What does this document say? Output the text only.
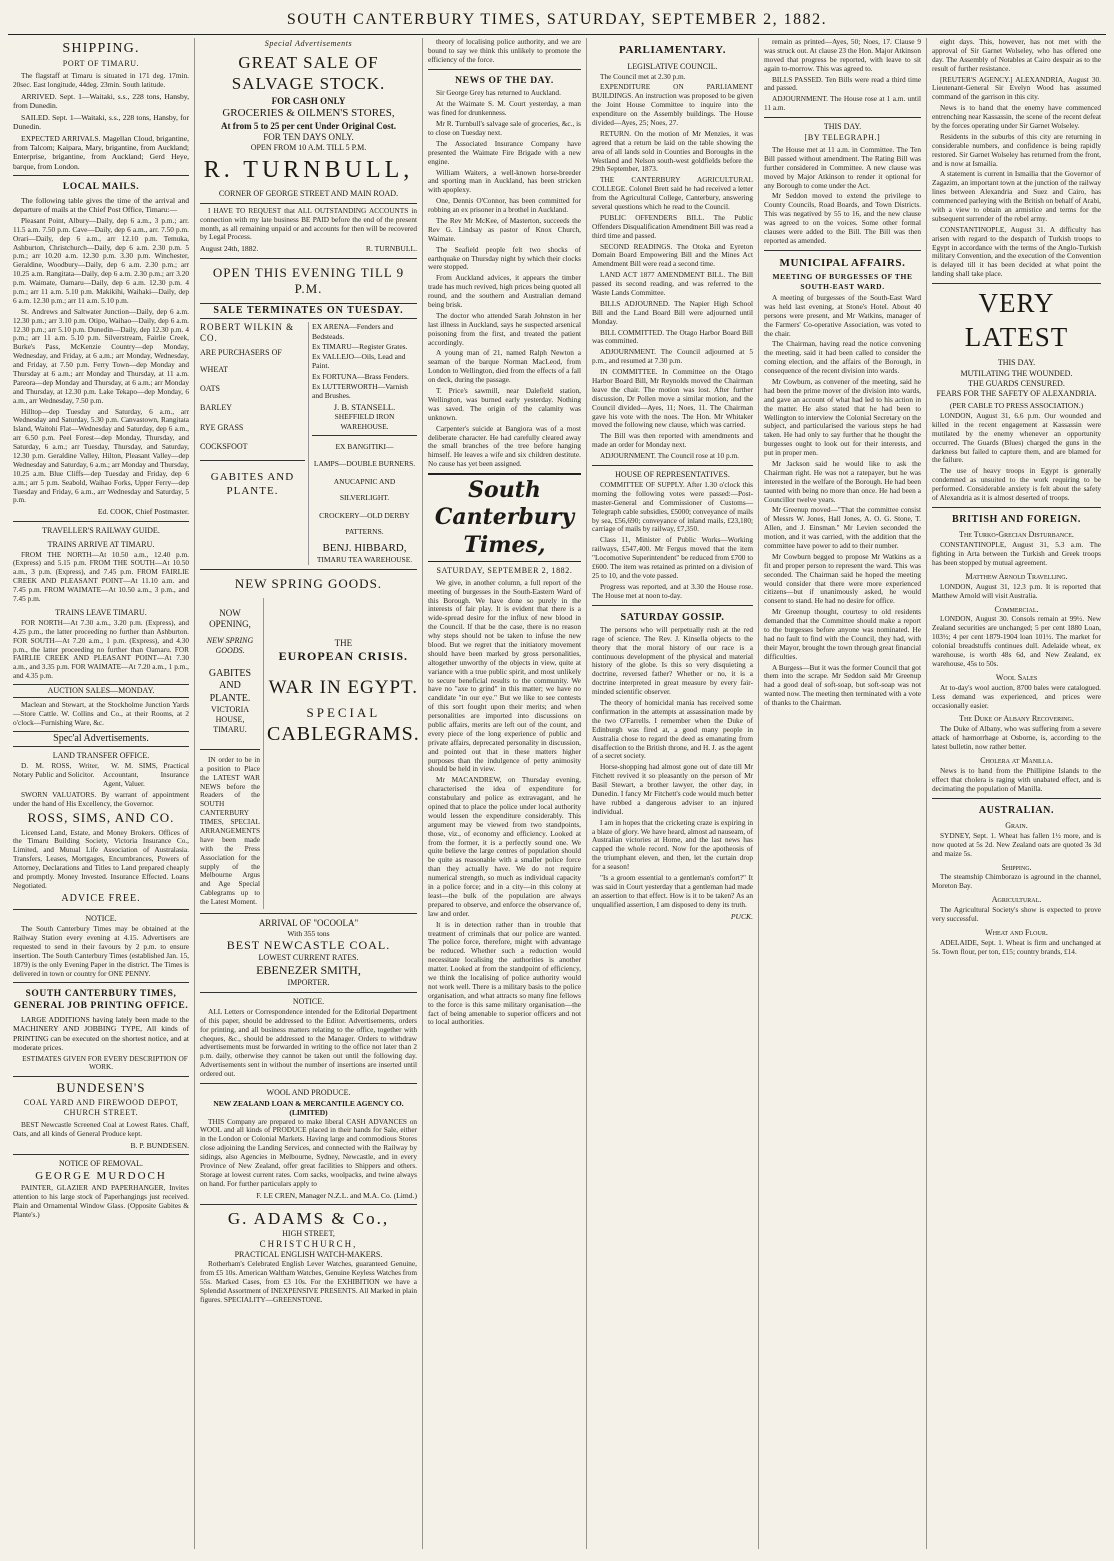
SOUTH CANTERBURY TIMES, SATURDAY, SEPTEMBER 2, 1882.
SHIPPING.
PORT OF TIMARU.

The flagstaff at Timaru is situated in 171 deg. 17min. 20sec. East longitude, 44deg. 23min. South latitude.

ARRIVED. Sept. 1—Waitaki, s.s., 228 tons, Hansby, from Dunedin.

SAILED. Sept. 1—Waitaki, s.s., 228 tons, Hansby, for Dunedin.

EXPECTED ARRIVALS. Magellan Cloud, brigantine, from Talcom; Kaipara, Mary, brigantine, from Auckland; Enterprise, brigantine, from Auckland; Gerd Heye, barque, from London.

LOCAL MAILS.

The following table gives the time of the arrival and departure of mails at the Chief Post Office, Timaru:—

Pleasant Point, Albury—Daily, dep 6 a.m., 3 p.m.; arr. 11.5 a.m. 7.50 p.m. Cave—Daily, dep 6 a.m., arr. 7.50 p.m. Orari—Daily, dep 6 a.m., arr 12.10 p.m. Temuka, Ashburton, Christchurch—Daily, dep 6 a.m. 2.30 p.m. 5 p.m.; arr 10.20 a.m. 12.30 p.m. 3.30 p.m. Winchester, Geraldine, Woodbury—Daily, dep 6 a.m. 2.30 p.m.; arr 10.25 a.m. Rangitata—Daily, dep 6 a.m. 2.30 p.m.; arr 3.20 p.m. Waimate, Oamaru—Daily, dep 6 a.m. 12.30 p.m. 4 p.m.; arr 11 a.m. 5.10 p.m. Makikihi, Waihaki—Daily, dep 6 a.m. 12.30 p.m.; arr 11 a.m. 5.10 p.m.

St. Andrews and Saltwater Junction—Daily, dep 6 a.m. 12.30 p.m.; arr 3.10 p.m. Otipo, Waihao—Daily, dep 6 a.m. 12.30 p.m.; arr 5.10 p.m. Dunedin—Daily, dep 12.30 p.m. 4 p.m.; arr 11 a.m. 5.10 p.m. Silverstream, Fairlie Creek, Burke's Pass, McKenzie Country—dep Monday, Wednesday, and Friday, at 6 a.m.; arr Monday, Wednesday, and Friday, at 7.50 p.m. Ferry Town—dep Monday and Thursday at 6 a.m.; arr Monday and Thursday, at 11 a.m. Pareora—dep Monday and Thursday, at 6 a.m.; arr Monday and Thursday, at 12.30 p.m. Lake Tekapo—dep Monday, 6 a.m., arr Wednesday, 7.50 p.m.

Hilltop—dep Tuesday and Saturday, 6 a.m., arr Wednesday and Saturday, 5.30 p.m. Canvastown, Rangitata Island, Waitohi Flat—Wednesday and Saturday, dep 6 a.m., arr 6.50 p.m. Peel Forest—dep Monday, Thursday, and Saturday, 6 a.m.; arr Tuesday, Thursday, and Saturday, 12.30 p.m. Geraldine Valley, Hilton, Pleasant Valley—dep Wednesday and Saturday, 6 a.m.; arr Monday and Thursday, 10.25 a.m. Blue Cliffs—dep Tuesday and Friday, dep 6 a.m.; arr 5 p.m. Seabold, Waihao Forks, Upper Ferry—dep Tuesday and Friday, 6 a.m., arr Wednesday and Saturday, 5 p.m.

Ed. COOK, Chief Postmaster.

TRAVELLER'S RAILWAY GUIDE.
TRAINS ARRIVE AT TIMARU.

FROM THE NORTH—At 10.50 a.m., 12.40 p.m. (Express) and 5.15 p.m. FROM THE SOUTH—At 10.50 a.m., 3 p.m. (Express), and 7.45 p.m. FROM FAIRLIE CREEK AND PLEASANT POINT—At 11.10 a.m. and 7.45 p.m. FROM WAIMATE—At 10.50 a.m., 3 p.m., and 7.45 p.m.

TRAINS LEAVE TIMARU.

FOR NORTH—At 7.30 a.m., 3.20 p.m. (Express), and 4.25 p.m., the latter proceeding no further than Ashburton. FOR SOUTH—At 7.20 a.m., 1 p.m. (Express), and 4.30 p.m., the latter proceeding no further than Oamaru. FOR FAIRLIE CREEK AND PLEASANT POINT—At 7.30 a.m., and 3.35 p.m. FOR WAIMATE—At 7.20 a.m., 1 p.m., and 4.35 p.m.

AUCTION SALES—MONDAY.

Maclean and Stewart, at the Stockholme Junction Yards—Store Cattle. W. Collins and Co., at their Rooms, at 2 o'clock—Furnishing Ware, &c.

Spec'al Advertisements.
LAND TRANSFER OFFICE.

D. M. ROSS, Writer, Notary Public and Solicitor.

W. M. SIMS, Practical Accountant, Insurance Agent, Valuer.

SWORN VALUATORS. By warrant of appointment under the hand of His Excellency, the Governor.

ROSS, SIMS, AND CO.

Licensed Land, Estate, and Money Brokers. Offices of the Timaru Building Society, Victoria Insurance Co., Limited, and Mutual Life Association of Australasia. Transfers, Leases, Mortgages, Encumbrances, Powers of Attorney, Declarations and Titles to Land prepared cheaply and promptly. Money Invested. Insurance Effected. Loans Negotiated.

ADVICE FREE.
NOTICE.

The South Canterbury Times may be obtained at the Railway Station every evening at 4.15. Advertisers are requested to send in their favours by 2 p.m. to ensure insertion. The South Canterbury Times (established Jan. 15, 1879) is the only Evening Paper in the district. The Times is delivered in town or country for ONE PENNY.

SOUTH CANTERBURY TIMES, GENERAL JOB PRINTING OFFICE.

LARGE ADDITIONS having lately been made to the MACHINERY AND JOBBING TYPE, All kinds of PRINTING can be executed on the shortest notice, and at moderate prices.

ESTIMATES GIVEN FOR EVERY DESCRIPTION OF WORK.

BUNDESEN'S
COAL YARD AND FIREWOOD DEPOT, CHURCH STREET.

BEST Newcastle Screened Coal at Lowest Rates. Chaff, Oats, and all kinds of General Produce kept.

B. P. BUNDESEN.

NOTICE OF REMOVAL.
GEORGE MURDOCH

PAINTER, GLAZIER AND PAPERHANGER, Invites attention to his large stock of Paperhangings just received. Plain and Ornamental Window Glass. (Opposite Gabites & Plante's.)

Special Advertisements
GREAT SALE OF SALVAGE STOCK.
FOR CASH ONLY
GROCERIES & OILMEN'S STORES,
At from 5 to 25 per cent Under Original Cost.
FOR TEN DAYS ONLY.
OPEN FROM 10 A.M. TILL 5 P.M.
R. TURNBULL,
CORNER OF GEORGE STREET AND MAIN ROAD.

I HAVE TO REQUEST that ALL OUTSTANDING ACCOUNTS in connection with my late business BE PAID before the end of the present month, as all remaining unpaid or and accounts for then will be recovered by Legal Process.

August 24th, 1882.	R. TURNBULL.
OPEN THIS EVENING TILL 9 P.M.
SALE TERMINATES ON TUESDAY.
ROBERT WILKIN & CO.
ARE PURCHASERS OF
WHEAT
OATS
BARLEY
RYE GRASS
COCKSFOOT
GABITES AND PLANTE.
EX ARENA—Fenders and Bedsteads.
Ex TIMARU—Register Grates.
Ex VALLEJO—Oils, Lead and Paint.
Ex FORTUNA—Brass Fenders.
Ex LUTTERWORTH—Varnish and Brushes.
J. B. STANSELL.
SHEFFIELD IRON WAREHOUSE.
EX BANGITIKI—
LAMPS—DOUBLE BURNERS.
ANUCAPNIC AND SILVERLIGHT.
CROCKERY—OLD DERBY PATTERNS.
BENJ. HIBBARD,
TIMARU TEA WAREHOUSE.
NEW SPRING GOODS.
NOW OPENING,
NEW SPRING GOODS.
GABITES AND PLANTE.
VICTORIA HOUSE,
TIMARU.

IN order to be in a position to Place the LATEST WAR NEWS before the Readers of the SOUTH CANTERBURY TIMES, SPECIAL ARRANGEMENTS have been made with the Press Association for the supply of the Melbourne Argus and Age Special Cablegrams up to the Latest Moment.

THE
EUROPEAN CRISIS.
WAR IN EGYPT.
SPECIAL
CABLEGRAMS.
ARRIVAL OF "OCOOLA"
With 355 tons
BEST NEWCASTLE COAL.
LOWEST CURRENT RATES.
EBENEZER SMITH,
IMPORTER.
NOTICE.

ALL Letters or Correspondence intended for the Editorial Department of this paper, should be addressed to the Editor. Advertisements, orders for printing, and all business matters relating to the office, together with cheques, &c., should be addressed to the Manager. Orders to withdraw advertisements must be forwarded in writing to the office not later than 2 p.m. daily, otherwise they cannot be taken out until the following day. Advertisements sent in without the number of insertions are inserted until ordered out.

WOOL AND PRODUCE.
NEW ZEALAND LOAN & MERCANTILE AGENCY CO. (LIMITED)

THIS Company are prepared to make liberal CASH ADVANCES on WOOL and all kinds of PRODUCE placed in their hands for Sale, either in the London or Colonial Markets. Having large and commodious Stores close adjoining the Landing Services, and connected with the Railway by sidings, also Agencies in Melbourne, Sydney, Newcastle, and in every Province of New Zealand, offer great facilities to Shippers and others. Storage at lowest current rates. Corn sacks, woolpacks, and twine always on hand. For further particulars apply to

F. LE CREN, Manager N.Z.L. and M.A. Co. (Limd.)

G. ADAMS & Co.,
HIGH STREET,
CHRISTCHURCH,
PRACTICAL ENGLISH WATCH-MAKERS.

Rotherham's Celebrated English Lever Watches, guaranteed Genuine, from £5 10s. American Waltham Watches, Genuine Keyless Watches from 55s. Marked Cases, from £3 10s. For the EXHIBITION we have a Splendid Assortment of INEXPENSIVE PRESENTS. All Marked in plain figures. SPECIALITY—GREENSTONE.

theory of localising police authority, and we are bound to say we think this unlikely to promote the efficiency of the force.

NEWS OF THE DAY.

Sir George Grey has returned to Auckland.

At the Waimate S. M. Court yesterday, a man was fined for drunkenness.

Mr R. Turnbull's salvage sale of groceries, &c., is to close on Tuesday next.

The Associated Insurance Company have presented the Waimate Fire Brigade with a new engine.

William Waiters, a well-known horse-breeder and sporting man in Auckland, has been stricken with apoplexy.

One, Dennis O'Connor, has been committed for robbing an ex prisoner in a brothel in Auckland.

The Rev Mr McKee, of Masterton, succeeds the Rev G. Lindsay as pastor of Knox Church, Waimate.

The Seafield people felt two shocks of earthquake on Thursday night by which their clocks were stopped.

From Auckland advices, it appears the timber trade has much revived, high prices being quoted all round, and the southern and Australian demand being brisk.

The doctor who attended Sarah Johnston in her last illness in Auckland, says he suspected arsenical poisoning from the first, and treated the patient accordingly.

A young man of 21, named Ralph Newton a seaman of the barque Norman MacLeod, from London to Wellington, died from the effects of a fall on deck, during the passage.

T. Price's sawmill, near Dalefield station, Wellington, was burned early yesterday. Nothing was saved. The origin of the calamity was unknown.

Carpenter's suicide at Bangiora was of a most deliberate character. He had carefully cleared away the small branches of the tree before hanging himself. He leaves a wife and six children destitute. No cause has yet been assigned.

South Canterbury Times,
SATURDAY, SEPTEMBER 2, 1882.

We give, in another column, a full report of the meeting of burgesses in the South-Eastern Ward of this Borough. We have done so purely in the interests of fair play. It is evident that there is a wide-spread desire for the influx of new blood in the Council. If that be the case, there is no reason why steps should not be taken to infuse the new blood. But we regret that the initiatory movement should have been marked by gross personalities, altogether unworthy of the objects in view, quite at variance with a true public spirit, and most unlikely to secure beneficial results to the community. We have no "axe to grind" in this matter; we have no candidate "in our eye." But we like to see contests of this sort fought upon their merits; and when personalities are imported into discussions on public affairs, merits are left out of the count, and every piece of the long experience of public and private affairs, deprecated personality in discussion, and pointed out that in these matters higher purposes than the indulgence of petty animosity should be held in view.

Mr MACANDREW, on Thursday evening, characterised the idea of expenditure for constabulary and police as extravagant, and he opined that to place the police under local authority would lessen the expenditure considerably. This argument may be viewed from two standpoints, those, viz., of economy and efficiency. Looked at from the former, it is a perfectly sound one. We quite believe the large centres of population should be quite as reasonable with a smaller police force than they actually have. We do not require numerical strength, so much as individual capacity in a police force; and in a city—in this colony at least—the bulk of the population are always prepared to observe, and enforce the observance of, law and order.

It is in detection rather than in trouble that treatment of criminals that our police are wanted. The police force, therefore, might with advantage be reduced. Whether such a reduction would necessitate localising the authorities is another matter. Looked at from the standpoint of efficiency, we think the localising of police authority would not work well. There is a military basis to the police organisation, and what attracts so many fine fellows to the force is this same military organisation—the fact of being amenable to superior officers and not to local authorities.

PARLIAMENTARY.
LEGISLATIVE COUNCIL.

The Council met at 2.30 p.m.

EXPENDITURE ON PARLIAMENT BUILDINGS. An instruction was proposed to be given the Joint House Committee to inquire into the expenditure on the Assembly buildings. The House divided—Ayes, 25; Noes, 27.

RETURN. On the motion of Mr Menzies, it was agreed that a return be laid on the table showing the area of all lands sold in Counties and Boroughs in the Westland and Nelson south-west goldfields before the 29th September, 1873.

THE CANTERBURY AGRICULTURAL COLLEGE. Colonel Brett said he had received a letter from the Agricultural College, Canterbury, answering several questions which he read to the Council.

PUBLIC OFFENDERS BILL. The Public Offenders Disqualification Amendment Bill was read a third time and passed.

SECOND READINGS. The Otoka and Eyreton Domain Board Empowering Bill and the Mines Act Amendment Bill were read a second time.

LAND ACT 1877 AMENDMENT BILL. The Bill passed its second reading, and was referred to the Waste Lands Committee.

BILLS ADJOURNED. The Napier High School Bill and the Land Board Bill were adjourned until Monday.

BILL COMMITTED. The Otago Harbor Board Bill was committed.

ADJOURNMENT. The Council adjourned at 5 p.m., and resumed at 7.30 p.m.

IN COMMITTEE. In Committee on the Otago Harbor Board Bill, Mr Reynolds moved the Chairman leave the chair. The motion was lost. After further discussion, Dr Pollen move a similar motion, and the Council divided—Ayes, 11; Noes, 11. The Chairman gave his vote with the noes. The Hon. Mr Whitaker moved the following new clause, which was carried.

The Bill was then reported with amendments and made an order for Monday next.

ADJOURNMENT. The Council rose at 10 p.m.

HOUSE OF REPRESENTATIVES.

COMMITTEE OF SUPPLY. After 1.30 o'clock this morning the following votes were passed:—Post-master-General and Commissioner of Customs—Telegraph cable subsidies, £5000; conveyance of mails by sea, £56,690; conveyance of inland mails, £23,180; carriage of mails by railway, £7,350.

Class 11, Minister of Public Works—Working railways, £547,400. Mr Fergus moved that the item "Locomotive Superintendent" be reduced from £700 to £600. The item was retained as printed on a division of 25 to 10, and the vote passed.

Progress was reported, and at 3.30 the House rose. The House met at noon to-day.

SATURDAY GOSSIP.

The persons who will perpetually rush at the red rage of science. The Rev. J. Kinsella objects to the theory that the moral history of our race is a continuous development of the physical and material history of the globe. Is this so very disquieting a doctrine, reversed father? Whether or no, it is a doctrine interpreted in great measure by every fair-minded scientific observer.

The theory of homicidal mania has received some confirmation in the attempts at assassination made by the two O'Farrells. I remember when the Duke of Edinburgh was fired at, a good many people in Australia chose to regard the deed as emanating from disaffection to the British throne, and H. J. as the agent of a secret society.

Horse-shopping had almost gone out of date till Mr Fitchett revived it so pleasantly on the person of Mr Basil Stewart, a brother lawyer, the other day, in Dunedin. I fancy Mr Fitchett's code would much better have rubbed a dangerous adviser to an injured individual.

I am in hopes that the cricketing craze is expiring in a blaze of glory. We have heard, almost ad nauseam, of Australian victories at Home, and the last news has capped the whole record. Now for the apotheosis of the triumphant eleven, and then, let the curtain drop for a season!

"Is a groom essential to a gentleman's comfort?" It was said in Court yesterday that a gentleman had made an assertion to that effect. How is it to be taken? As an unqualified assertion, I am disposed to deny its truth.

PUCK.

remain as printed—Ayes, 50; Noes, 17. Clause 9 was struck out. At clause 23 the Hon. Major Atkinson moved that progress be reported, with leave to sit again to-morrow. This was agreed to.

BILLS PASSED. Ten Bills were read a third time and passed.

ADJOURNMENT. The House rose at 1 a.m. until 11 a.m.

THIS DAY.
[BY TELEGRAPH.]

The House met at 11 a.m. in Committee. The Ten Bill passed without amendment. The Rating Bill was further considered in Committee. A new clause was moved by Major Atkinson to render it optional for any Borough to come under the Act.

Mr Seddon moved to extend the privilege to County Councils, Road Boards, and Town Districts. This was negatived by 55 to 16, and the new clause was agreed to on the voices. Some other formal clauses were added to the Bill. The Bill was then reported as amended.

MUNICIPAL AFFAIRS.
MEETING OF BURGESSES OF THE SOUTH-EAST WARD.

A meeting of burgesses of the South-East Ward was held last evening, at Stone's Hotel. About 40 persons were present, and Mr Watkins, manager of the Farmers' Co-operative Association, was voted to the chair.

The Chairman, having read the notice convening the meeting, said it had been called to consider the coming election, and the affairs of the Borough, in consequence of the recent division into wards.

Mr Cowburn, as convener of the meeting, said he had been the prime mover of the division into wards, and gave an account of what had led to his action in the matter. He also stated that he had been to Wellington to interview the Colonial Secretary on the subject, and particularised the various steps he had taken. He had only to say further that he thought the burgesses ought to look out for their interests, and put in proper men.

Mr Jackson said he would like to ask the Chairman right. He was not a ratepayer, but he was interested in the welfare of the Borough. He had been taunted with being no more than once. He had been a Councillor twelve years.

Mr Greenup moved—"That the committee consist of Messrs W. Jones, Hall Jones, A. O. G. Stone, T. Allen, and J. Einsman." Mr Levien seconded the motion, and it was carried, with the addition that the committee have power to add to their number.

Mr Cowburn begged to propose Mr Watkins as a fit and proper person to represent the ward. This was seconded. The Chairman said he hoped the meeting would consider that there were more experienced citizens—but if unanimously asked, he would consent to stand. He had no desire for office.

Mr Greenup thought, courtesy to old residents demanded that the Committee should make a report to the burgesses before anyone was nominated. He had no fault to find with the Council, they had, with their Mayor, brought the town through great financial difficulties.

A Burgess—But it was the former Council that got them into the scrape. Mr Seddon said Mr Greenup had a good deal of soft-soap, but soft-soap was not wanted now. The meeting then terminated with a vote of thanks to the Chairman.

eight days. This, however, has not met with the approval of Sir Garnet Wolseley, who has offered one day. The Assembly of Notables at Cairo despair as to the result of further resistance.

[REUTER'S AGENCY.] ALEXANDRIA, August 30. Lieutenant-General Sir Evelyn Wood has assumed command of the garrison in this city.

News is to hand that the enemy have commenced entrenching near Kassassin, the scene of the recent defeat by the forces operating under Sir Garnet Wolseley.

Residents in the suburbs of this city are returning in considerable numbers, and confidence is being rapidly restored. Sir Garnet Wolseley has returned from the front, and is now at Ismailia.

A statement is current in Ismailia that the Governor of Zagazim, an important town at the junction of the railway lines between Alexandria and Suez and Cairo, has commenced parleying with the British on behalf of Arabi, with a view to obtain an armistice and terms for the subsequent surrender of the rebel army.

CONSTANTINOPLE, August 31. A difficulty has arisen with regard to the despatch of Turkish troops to Egypt in accordance with the terms of the Anglo-Turkish military Convention, and the execution of the Convention is delayed till it has been decided at what point the landing shall take place.

VERY LATEST
THIS DAY.
MUTILATING THE WOUNDED.
THE GUARDS CENSURED.
FEARS FOR THE SAFETY OF ALEXANDRIA.
(PER CABLE TO PRESS ASSOCIATION.)

LONDON, August 31, 6.6 p.m. Our wounded and killed in the recent engagement at Kassassin were mutilated by the enemy whenever an opportunity occurred. The Guards (Blues) charged the guns in the darkness but failed to capture them, and are blamed for the failure.

The use of heavy troops in Egypt is generally condemned as unsuited to the work requiring to be performed. Considerable anxiety is felt about the safety of Alexandria as it is almost deserted of troops.

BRITISH AND FOREIGN.
The Turko-Grecian Disturbance.

CONSTANTINOPLE, August 31, 5.3 a.m. The fighting in Arta between the Turkish and Greek troops has been stopped by mutual agreement.

Matthew Arnold Travelling.

LONDON, August 31, 12.3 p.m. It is reported that Matthew Arnold will visit Australia.

Commercial.

LONDON, August 30. Consols remain at 99½. New Zealand securities are unchanged; 5 per cent 1880 Loan, 103½; 4 per cent 1879-1904 loan 101½. The market for colonial breadstuffs continues dull. Adelaide wheat, ex warehouse, is worth 48s 6d, and New Zealand, ex warehouse, 45s to 50s.

Wool Sales

At to-day's wool auction, 8700 bales were catalogued. Less demand was experienced, and prices were occasionally easier.

The Duke of Albany Recovering.

The Duke of Albany, who was suffering from a severe attack of hæmorrhage at Osborne, is, according to the latest bulletin, now rather better.

Cholera at Manilla.

News is to hand from the Phillipine Islands to the effect that cholera is raging with unabated effect, and is decimating the population of Manilla.

AUSTRALIAN.
Grain.

SYDNEY, Sept. 1. Wheat has fallen 1½ more, and is now quoted at 5s 2d. New Zealand oats are quoted 3s 3d and maize 5s.

Shipping.

The steamship Chimborazo is aground in the channel, Moreton Bay.

Agricultural.

The Agricultural Society's show is expected to prove very successful.

Wheat and Flour.

ADELAIDE, Sept. 1. Wheat is firm and unchanged at 5s. Town flour, per ton, £15; country brands, £14.
